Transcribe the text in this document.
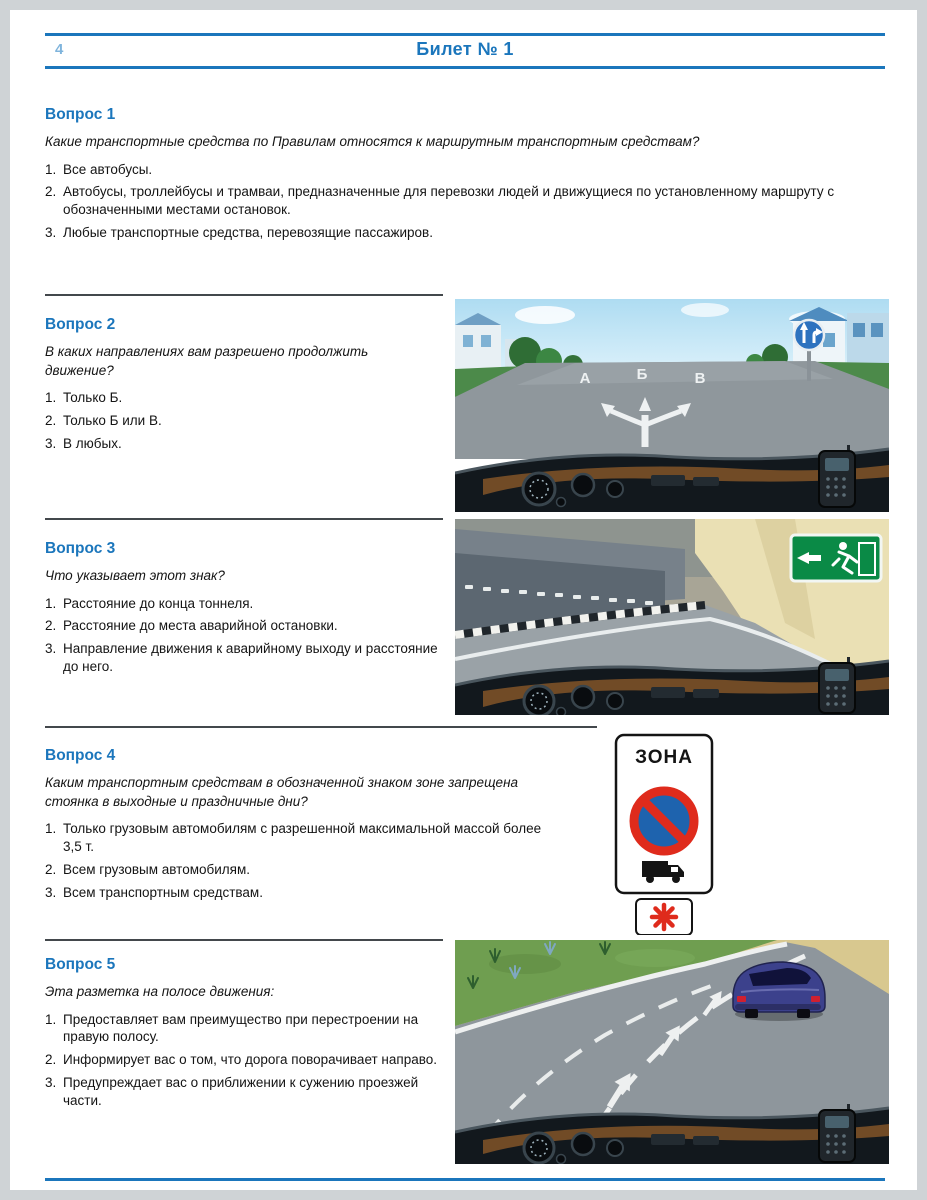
4	Билет № 1
Вопрос 1

Какие транспортные средства по Правилам относятся к маршрутным транспортным средствам?

1. Все автобусы.
2. Автобусы, троллейбусы и трамваи, предназначенные для перевозки людей и движущиеся по установленному маршруту с обозначенными местами остановок.
3. Любые транспортные средства, перевозящие пассажиров.
Вопрос 2

В каких направлениях вам разрешено продолжить движение?

1. Только Б.
2. Только Б или В.
3. В любых.
А	Б	В
Вопрос 3

Что указывает этот знак?

1. Расстояние до конца тоннеля.
2. Расстояние до места аварийной остановки.
3. Направление движения к аварийному выходу и расстояние до него.
Вопрос 4

Каким транспортным средствам в обозначенной знаком зоне запрещена стоянка в выходные и праздничные дни?

1. Только грузовым автомобилям с разрешенной максимальной массой более 3,5 т.
2. Всем грузовым автомобилям.
3. Всем транспортным средствам.
ЗОНА
Вопрос 5

Эта разметка на полосе движения:

1. Предоставляет вам преимущество при перестроении на правую полосу.
2. Информирует вас о том, что дорога поворачивает направо.
3. Предупреждает вас о приближении к сужению проезжей части.
